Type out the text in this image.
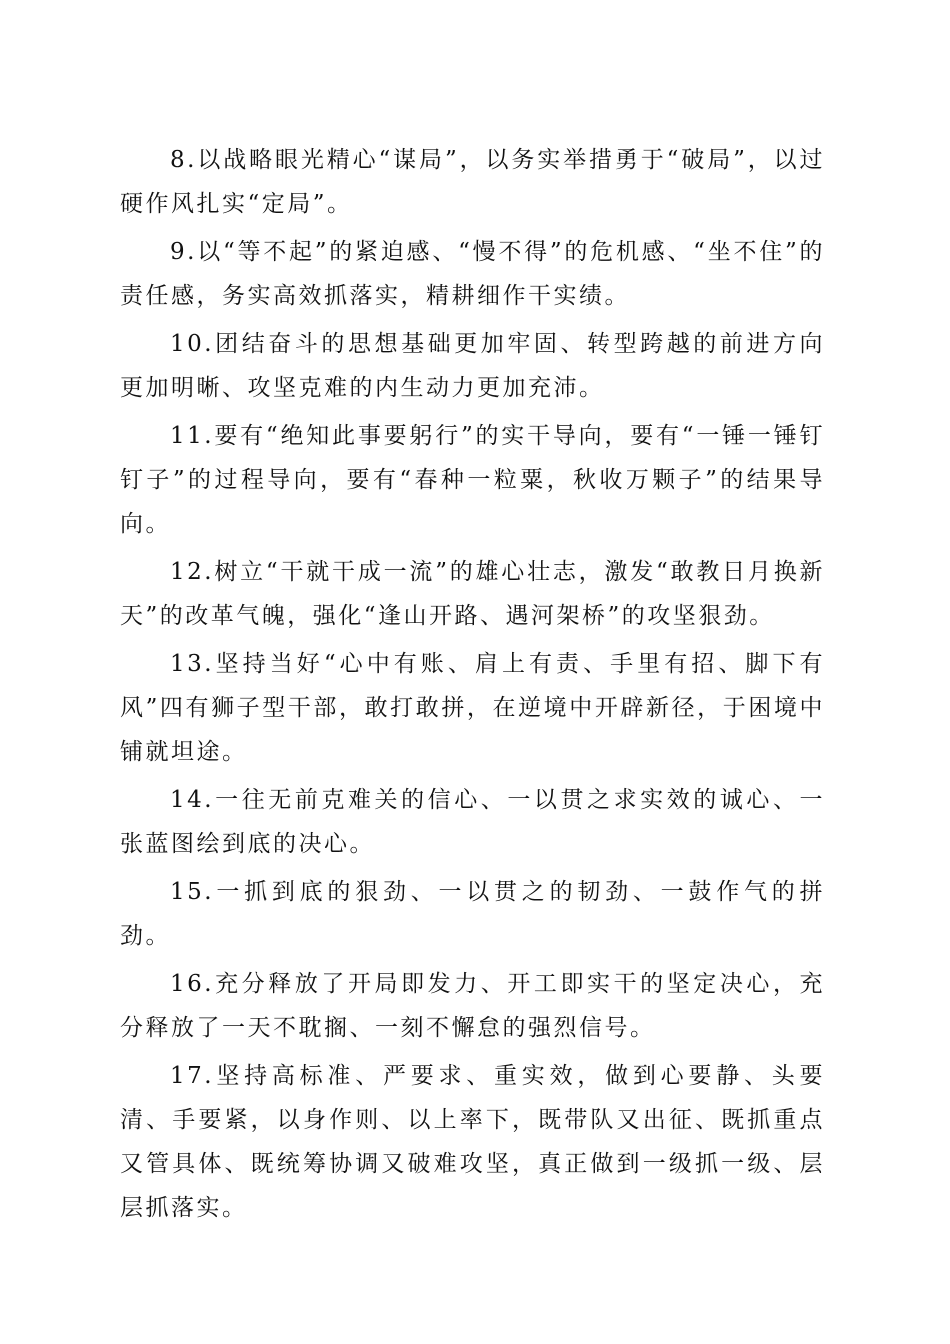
8.以战略眼光精心“谋局”，以务实举措勇于“破局”，以过硬作风扎实“定局”。

9.以“等不起”的紧迫感、“慢不得”的危机感、“坐不住”的责任感，务实高效抓落实，精耕细作干实绩。

10.团结奋斗的思想基础更加牢固、转型跨越的前进方向更加明晰、攻坚克难的内生动力更加充沛。

11.要有“绝知此事要躬行”的实干导向，要有“一锤一锤钉钉子”的过程导向，要有“春种一粒粟，秋收万颗子”的结果导向。

12.树立“干就干成一流”的雄心壮志，激发“敢教日月换新天”的改革气魄，强化“逢山开路、遇河架桥”的攻坚狠劲。

13.坚持当好“心中有账、肩上有责、手里有招、脚下有风”四有狮子型干部，敢打敢拼，在逆境中开辟新径，于困境中铺就坦途。

14.一往无前克难关的信心、一以贯之求实效的诚心、一张蓝图绘到底的决心。

15.一抓到底的狠劲、一以贯之的韧劲、一鼓作气的拼劲。

16.充分释放了开局即发力、开工即实干的坚定决心，充分释放了一天不耽搁、一刻不懈怠的强烈信号。

17.坚持高标准、严要求、重实效，做到心要静、头要清、手要紧，以身作则、以上率下，既带队又出征、既抓重点又管具体、既统筹协调又破难攻坚，真正做到一级抓一级、层层抓落实。
